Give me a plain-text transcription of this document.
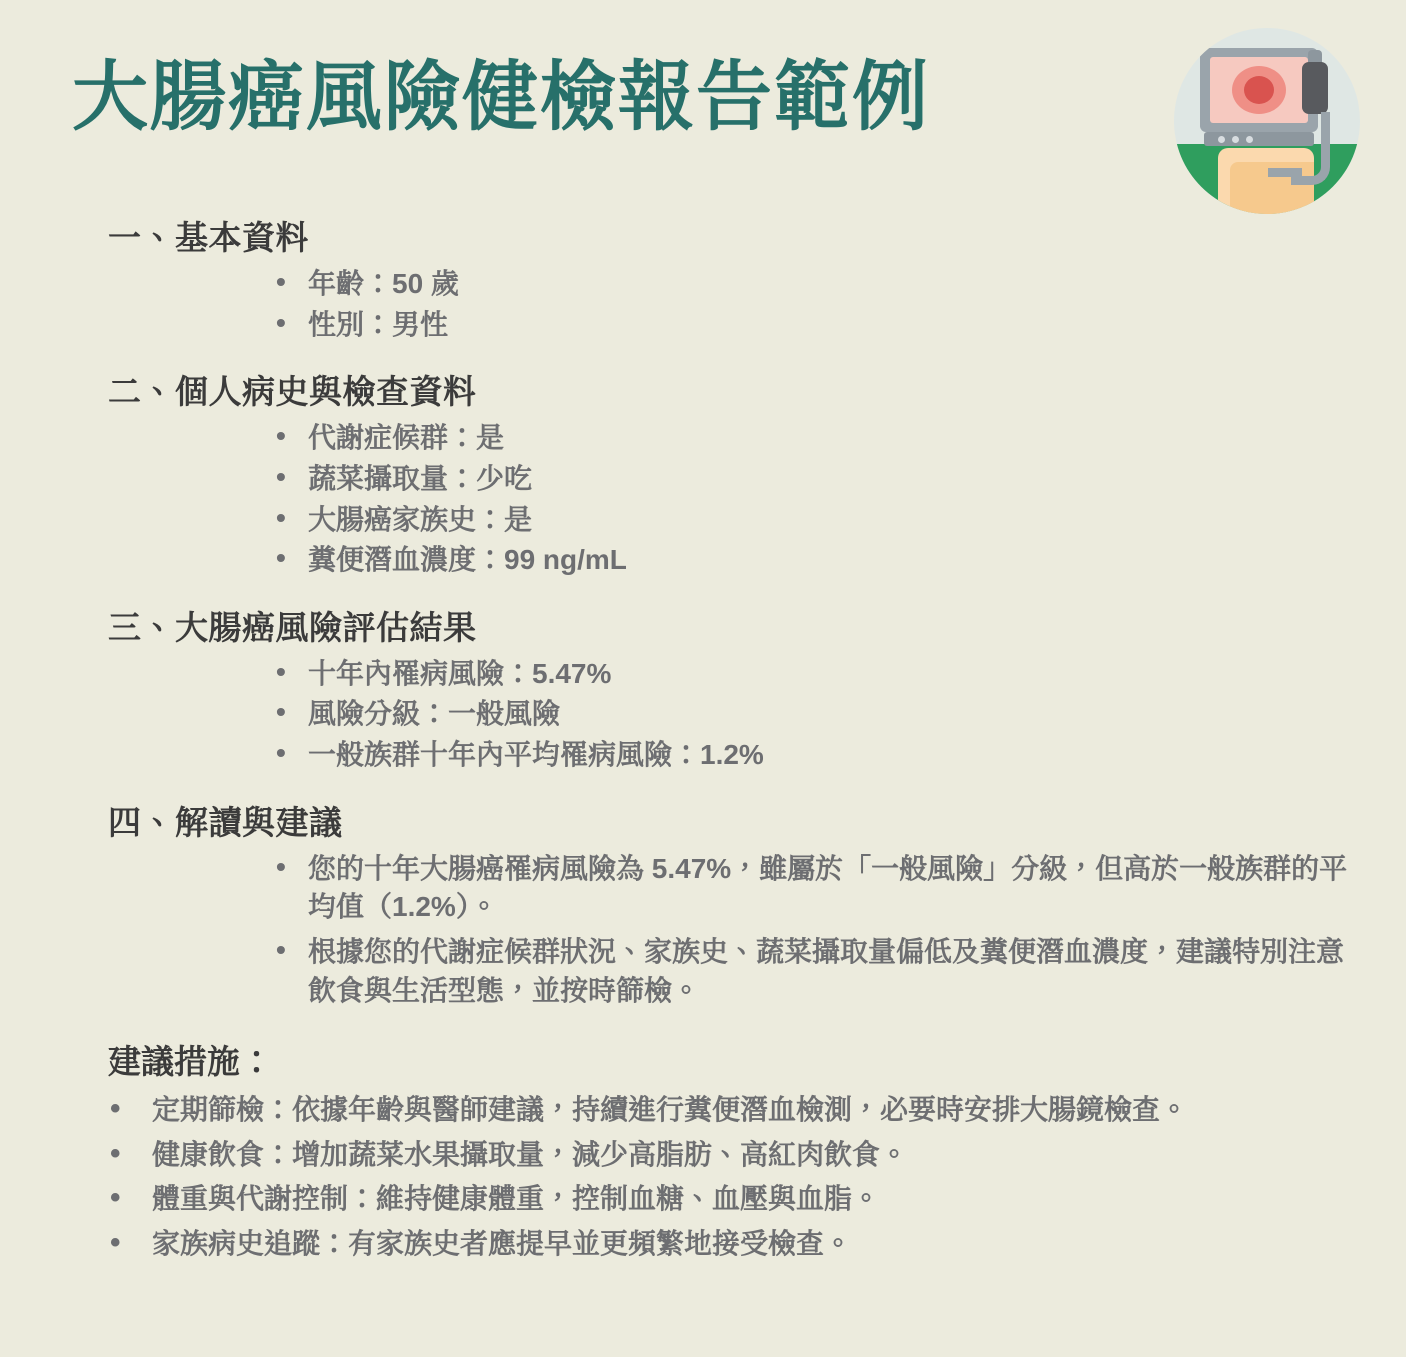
大腸癌風險健檢報告範例
一、基本資料
• 年齡：50 歲
• 性別：男性
二、個人病史與檢查資料
• 代謝症候群：是
• 蔬菜攝取量：少吃
• 大腸癌家族史：是
• 糞便潛血濃度：99 ng/mL
三、大腸癌風險評估結果
• 十年內罹病風險：5.47%
• 風險分級：一般風險
• 一般族群十年內平均罹病風險：1.2%
四、解讀與建議
• 您的十年大腸癌罹病風險為 5.47%，雖屬於「一般風險」分級，但高於一般族群的平均值（1.2%）。
• 根據您的代謝症候群狀況、家族史、蔬菜攝取量偏低及糞便潛血濃度，建議特別注意飲食與生活型態，並按時篩檢。
建議措施：
• 定期篩檢：依據年齡與醫師建議，持續進行糞便潛血檢測，必要時安排大腸鏡檢查。
• 健康飲食：增加蔬菜水果攝取量，減少高脂肪、高紅肉飲食。
• 體重與代謝控制：維持健康體重，控制血糖、血壓與血脂。
• 家族病史追蹤：有家族史者應提早並更頻繁地接受檢查。
